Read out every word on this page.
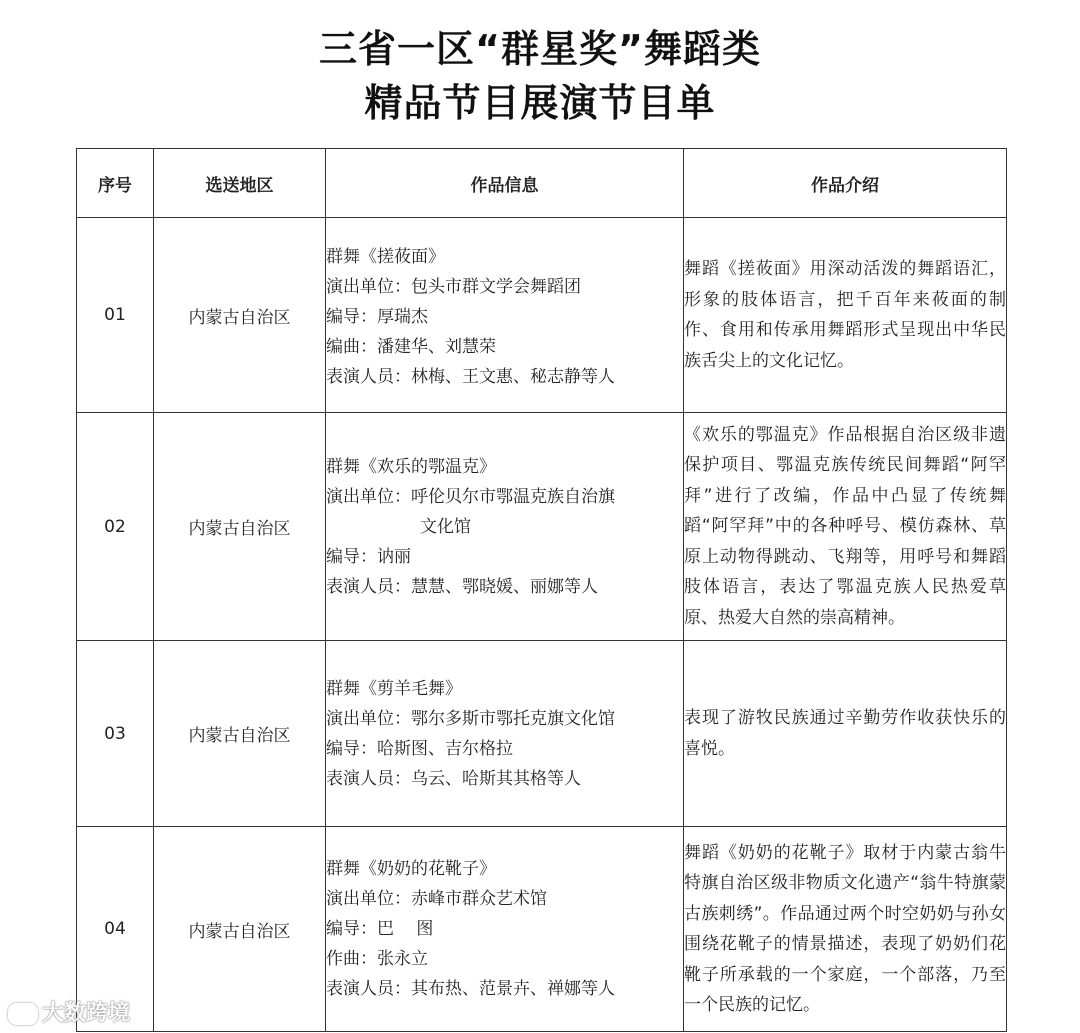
三省一区“群星奖”舞蹈类
精品节目展演节目单
序号	选送地区	作品信息	作品介绍
01	内蒙古自治区	群舞《搓莜面》
演出单位：包头市群文学会舞蹈团
编导：厚瑞杰
编曲：潘建华、刘慧荣
表演人员：林梅、王文惠、秘志静等人	舞蹈《搓莜面》用深动活泼的舞蹈语汇，形象的肢体语言，把千百年来莜面的制作、食用和传承用舞蹈形式呈现出中华民族舌尖上的文化记忆。

02	内蒙古自治区	群舞《欢乐的鄂温克》
演出单位：呼伦贝尔市鄂温克族自治旗
文化馆
编导：讷丽
表演人员：慧慧、鄂晓媛、丽娜等人	《欢乐的鄂温克》作品根据自治区级非遗保护项目、鄂温克族传统民间舞蹈“阿罕拜”进行了改编，作品中凸显了传统舞蹈“阿罕拜”中的各种呼号、模仿森林、草原上动物得跳动、飞翔等，用呼号和舞蹈肢体语言，表达了鄂温克族人民热爱草原、热爱大自然的崇高精神。

03	内蒙古自治区	群舞《剪羊毛舞》
演出单位：鄂尔多斯市鄂托克旗文化馆
编导：哈斯图、吉尔格拉
表演人员：乌云、哈斯其其格等人	表现了游牧民族通过辛勤劳作收获快乐的喜悦。

04	内蒙古自治区	群舞《奶奶的花靴子》
演出单位：赤峰市群众艺术馆
编导：巴　 图
作曲：张永立
表演人员：其布热、范景卉、禅娜等人	舞蹈《奶奶的花靴子》取材于内蒙古翁牛特旗自治区级非物质文化遗产“翁牛特旗蒙古族刺绣”。作品通过两个时空奶奶与孙女围绕花靴子的情景描述，表现了奶奶们花靴子所承载的一个家庭，一个部落，乃至一个民族的记忆。
大数跨境
